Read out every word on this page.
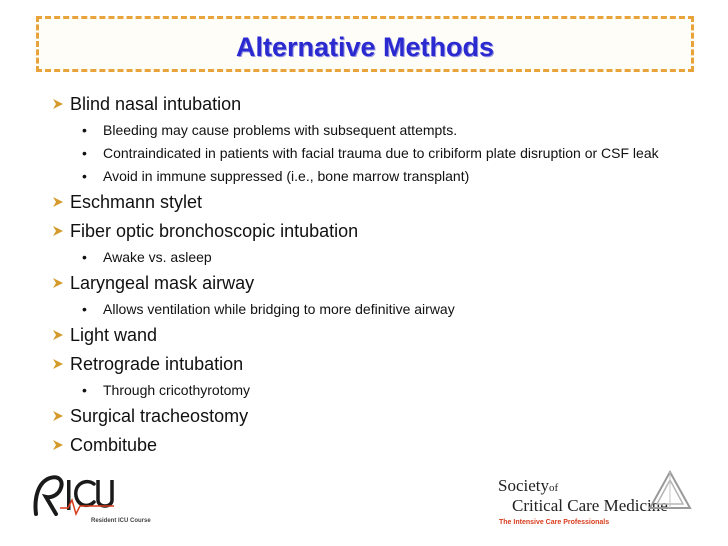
Alternative Methods
Blind nasal intubation
• Bleeding may cause problems with subsequent attempts.
• Contraindicated in patients with facial trauma due to cribiform plate disruption or CSF leak
• Avoid in immune suppressed (i.e., bone marrow transplant)
Eschmann stylet
Fiber optic bronchoscopic intubation
• Awake vs. asleep
Laryngeal mask airway
• Allows ventilation while bridging to more definitive airway
Light wand
Retrograde intubation
• Through cricothyrotomy
Surgical tracheostomy
Combitube
Resident ICU Course
Societyof
Critical Care Medicine
The Intensive Care Professionals
